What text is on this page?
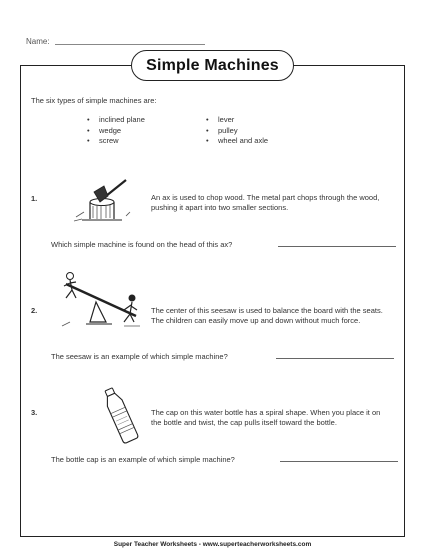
Name:
Simple Machines
The six types of simple machines are:
• inclined plane
• wedge
• screw
• lever
• pulley
• wheel and axle
1.	An ax is used to chop wood. The metal part chops through the wood, pushing it apart into two smaller sections.
Which simple machine is found on the head of this ax?
2.	The center of this seesaw is used to balance the board with the seats. The children can easily move up and down without much force.
The seesaw is an example of which simple machine?
3.	The cap on this water bottle has a spiral shape. When you place it on the bottle and twist, the cap pulls itself toward the bottle.
The bottle cap is an example of which simple machine?
Super Teacher Worksheets - www.superteacherworksheets.com
